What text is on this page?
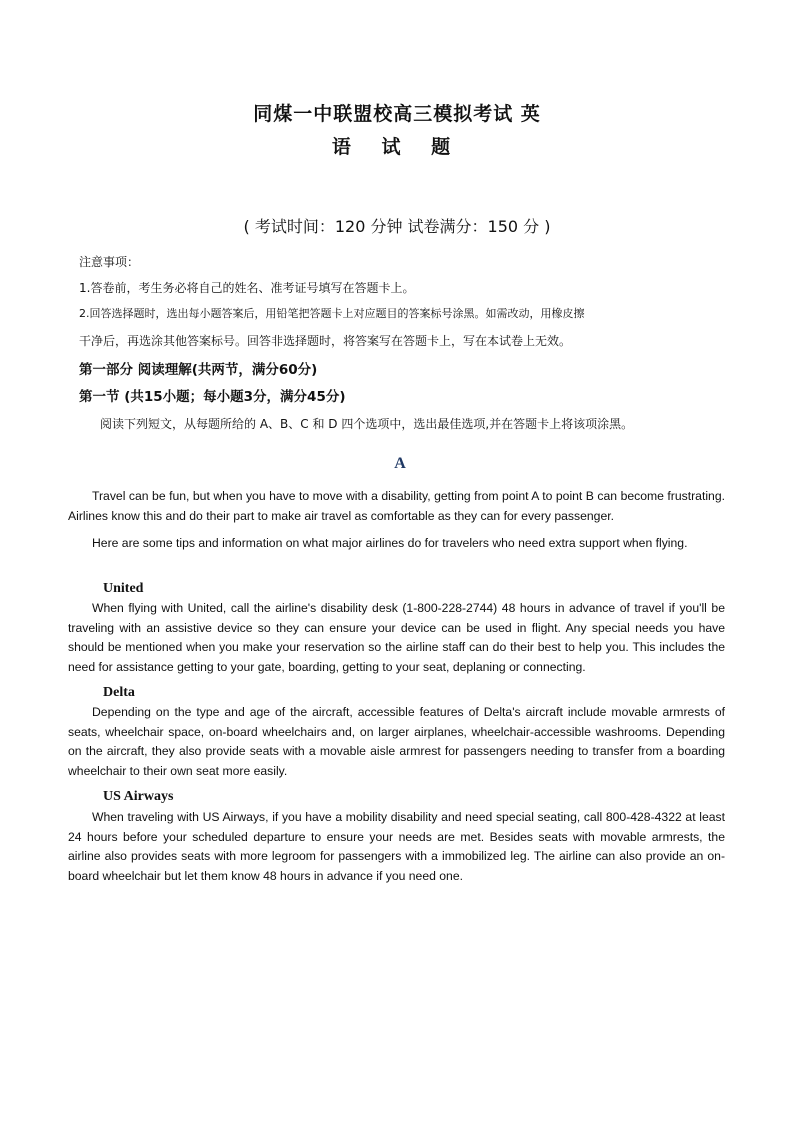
同煤一中联盟校高三模拟考试 英
语 试 题
( 考试时间：120 分钟 试卷满分：150 分 )
注意事项：
1.答卷前，考生务必将自己的姓名、准考证号填写在答题卡上。
2.回答选择题时，选出每小题答案后，用铅笔把答题卡上对应题目的答案标号涂黑。如需改动，用橡皮擦
干净后，再选涂其他答案标号。回答非选择题时，将答案写在答题卡上，写在本试卷上无效。
第一部分 阅读理解(共两节，满分60分)
第一节 (共15小题；每小题3分，满分45分)
阅读下列短文，从每题所给的 A、B、C 和 D 四个选项中，选出最佳选项,并在答题卡上将该项涂黑。
A

Travel can be fun, but when you have to move with a disability, getting from point A to point B can become frustrating. Airlines know this and do their part to make air travel as comfortable as they can for every passenger.

Here are some tips and information on what major airlines do for travelers who need extra support when flying.

United

When flying with United, call the airline's disability desk (1-800-228-2744) 48 hours in advance of travel if you'll be traveling with an assistive device so they can ensure your device can be used in flight. Any special needs you have should be mentioned when you make your reservation so the airline staff can do their best to help you. This includes the need for assistance getting to your gate, boarding, getting to your seat, deplaning or connecting.

Delta

Depending on the type and age of the aircraft, accessible features of Delta's aircraft include movable armrests of seats, wheelchair space, on-board wheelchairs and, on larger airplanes, wheelchair-accessible washrooms. Depending on the aircraft, they also provide seats with a movable aisle armrest for passengers needing to transfer from a boarding wheelchair to their own seat more easily.

US Airways

When traveling with US Airways, if you have a mobility disability and need special seating, call 800-428-4322 at least 24 hours before your scheduled departure to ensure your needs are met. Besides seats with movable armrests, the airline also provides seats with more legroom for passengers with a immobilized leg. The airline can also provide an on-board wheelchair but let them know 48 hours in advance if you need one.
